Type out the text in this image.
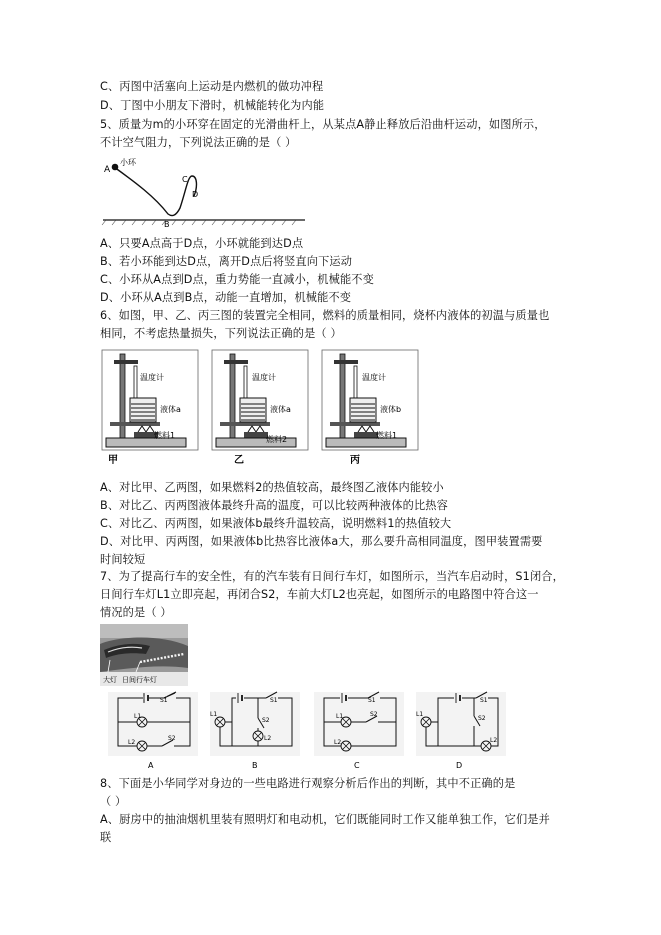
C、丙图中活塞向上运动是内燃机的做功冲程
D、丁图中小朋友下滑时，机械能转化为内能
5、质量为m的小环穿在固定的光滑曲杆上，从某点A静止释放后沿曲杆运动，如图所示，
不计空气阻力，下列说法正确的是（ ）
A
小环
B
C
D
A、只要A点高于D点，小环就能到达D点
B、若小环能到达D点，离开D点后将竖直向下运动
C、小环从A点到D点，重力势能一直减小，机械能不变
D、小环从A点到B点，动能一直增加，机械能不变
6、如图，甲、乙、丙三图的装置完全相同，燃料的质量相同，烧杯内液体的初温与质量也
相同，不考虑热量损失，下列说法正确的是（ ）
温度计
液体a
燃料1
甲
温度计
液体a
燃料2
乙
温度计
液体b
燃料1
丙
A、对比甲、乙两图，如果燃料2的热值较高，最终图乙液体内能较小
B、对比乙、丙两图液体最终升高的温度，可以比较两种液体的比热容
C、对比乙、丙两图，如果液体b最终升温较高，说明燃料1的热值较大
D、对比甲、丙两图，如果液体b比热容比液体a大，那么要升高相同温度，图甲装置需要
时间较短
7、为了提高行车的安全性，有的汽车装有日间行车灯，如图所示，当汽车启动时，S1闭合，
日间行车灯L1立即亮起，再闭合S2，车前大灯L2也亮起，如图所示的电路图中符合这一
情况的是（ ）
大灯 日间行车灯
S1
L1
L2
S2
A
L1
S1
S2
L2
B
S1
L1	S2
L2
C
L1
S1
S2
L2
D
8、下面是小华同学对身边的一些电路进行观察分析后作出的判断，其中不正确的是
（ ）
A、厨房中的抽油烟机里装有照明灯和电动机，它们既能同时工作又能单独工作，它们是并
联
